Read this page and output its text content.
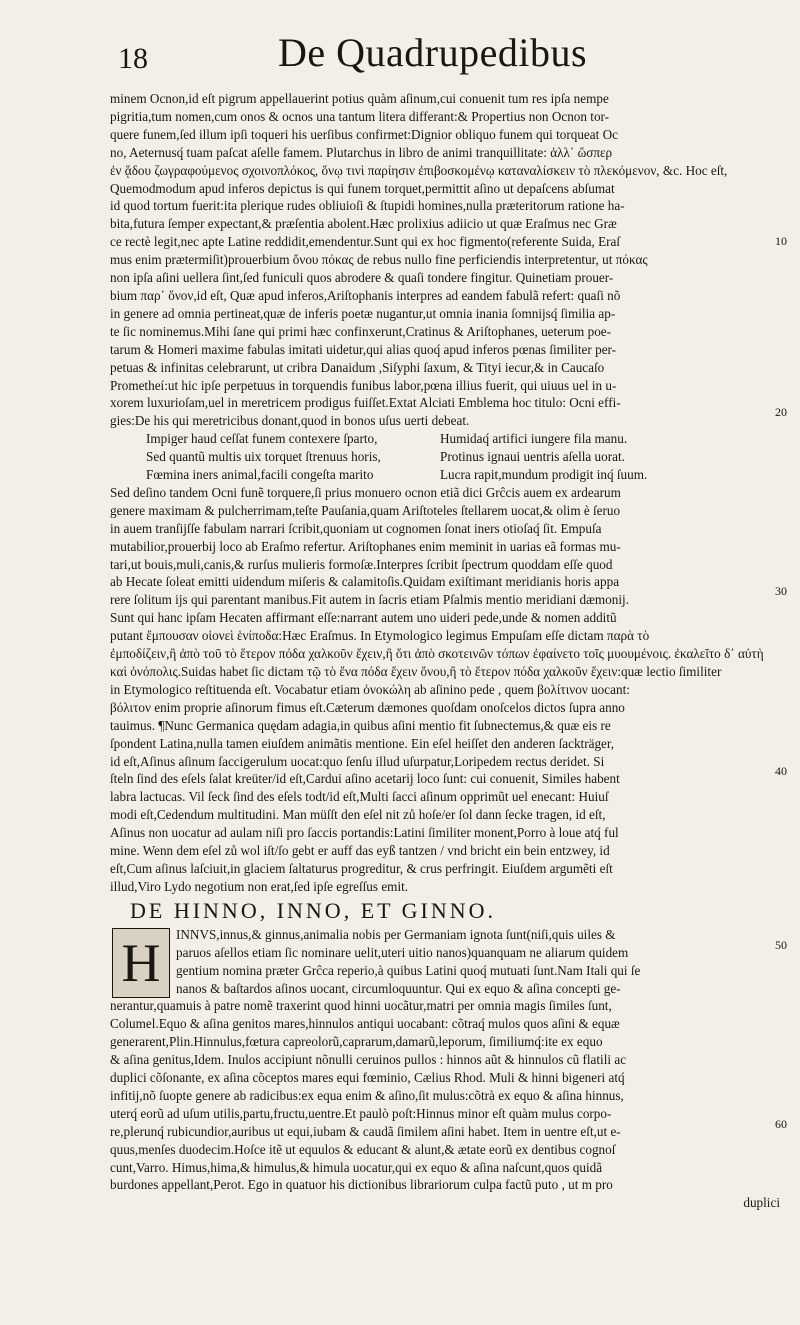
18	De Quadrupedibus
minem Ocnon,id eſt pigrum appellauerint potius quàm aſinum,cui conuenit tum res ipſa nempe
pigritia,tum nomen,cum onos & ocnos una tantum litera differant:& Propertius non Ocnon tor-
quere funem,ſed illum ipſi toqueri his uerſibus confirmet:Dignior obliquo funem qui torqueat Oc
no, Aeternusq́ tuam paſcat aſelle famem. Plutarchus in libro de animi tranquillitate: ἀλλ᾽ ὥσπερ
ἐν ᾅδου ζωγραφούμενος σχοινοπλόκος, ὄνῳ τινὶ παρίησιν ἐπιβοσκομένῳ καταναλίσκειν τὸ πλεκόμενον, &c. Hoc eſt,
Quemodmodum apud inferos depictus is qui funem torquet,permittit aſino ut depaſcens abſumat
id quod tortum fuerit:ita plerique rudes obliuioſi & ſtupidi homines,nulla præteritorum ratione ha-
bita,futura ſemper expectant,& præſentia abolent.Hæc prolixius adiicio ut quæ Eraſmus nec Græ
ce rectè legit,nec apte Latine reddidit,emendentur.Sunt qui ex hoc figmento(referente Suida, Eraſ
mus enim prætermiſit)prouerbium ὄνου πόκας de rebus nullo fine perficiendis interpretentur, ut πόκας
non ipſa aſini uellera ſint,ſed funiculi quos abrodere & quaſi tondere fingitur. Quinetiam prouer-
bium παρ᾽ ὄνον,id eſt, Quæ apud inferos,Ariſtophanis interpres ad eandem fabulã refert: quaſi nõ
in genere ad omnia pertineat,quæ de inferis poetæ nugantur,ut omnia inania ſomnijsq́ ſimilia ap-
te ſic nominemus.Mihi ſane qui primi hæc confinxerunt,Cratinus & Ariſtophanes, ueterum poe-
tarum & Homeri maxime fabulas imitati uidetur,qui alias quoq́ apud inferos pœnas ſimiliter per-
petuas & infinitas celebrarunt, ut cribra Danaidum ,Siſyphi ſaxum, & Tityi iecur,& in Caucaſo
Prometheí:ut hic ipſe perpetuus in torquendis funibus labor,pœna illius fuerit, qui uiuus uel in u-
xorem luxurioſam,uel in meretricem prodigus fuiſſet.Extat Alciati Emblema hoc titulo: Ocni effi-
gies:De his qui meretricibus donant,quod in bonos uſus uerti debeat.
Impiger haud ceſſat funem contexere ſparto,	Humidaq́ artifici iungere fila manu.
Sed quantũ multis uix torquet ſtrenuus horis,	Protinus ignaui uentris aſella uorat.
Fœmina iners animal,facili congeſta marito	Lucra rapit,mundum prodigit inq́ ſuum.
Sed deſino tandem Ocni funẽ torquere,ſi prius monuero ocnon etiã dici Grĉcis auem ex ardearum
genere maximam & pulcherrimam,teſte Pauſania,quam Ariſtoteles ſtellarem uocat,& olim è ſeruo
in auem tranſijſſe fabulam narrari ſcribit,quoniam ut cognomen ſonat iners otioſaq́ ſit. Empuſa
mutabilior,prouerbij loco ab Eraſmo refertur. Ariſtophanes enim meminit in uarias eã formas mu-
tari,ut bouis,muli,canis,& rurſus mulieris formoſæ.Interpres ſcribit ſpectrum quoddam eſſe quod
ab Hecate ſoleat emitti uidendum miſeris & calamitoſis.Quidam exiſtimant meridianis horis appa
rere ſolitum ijs qui parentant manibus.Fit autem in ſacris etiam Pſalmis mentio meridiani dæmonij.
Sunt qui hanc ipſam Hecaten affirmant eſſe:narrant autem uno uideri pede,unde & nomen additũ
putant ἔμπουσαν οἱονεὶ ἑνίποδα:Hæc Eraſmus. In Etymologico legimus Empuſam eſſe dictam παρὰ τὸ
ἐμποδίζειν,ἢ ἀπὸ τοῦ τὸ ἕτερον πόδα χαλκοῦν ἔχειν,ἢ ὅτι ἀπὸ σκοτεινῶν τόπων ἐφαίνετο τοῖς μυουμένοις. ἐκαλεῖτο δ᾽ αὐτὴ
καὶ ὀνόπολις.Suidas habet ſic dictam τῷ τὸ ἕνα πόδα ἔχειν ὄνου,ἢ τὸ ἕτερον πόδα χαλκοῦν ἔχειν:quæ lectio ſimiliter
in Etymologico reſtituenda eſt. Vocabatur etiam ὀνοκώλη ab aſinino pede , quem βολίτινον uocant:
βόλιτον enim proprie aſinorum fimus eſt.Cæterum dæmones quoſdam onoſcelos dictos ſupra anno
tauimus. ¶Nunc Germanica quędam adagia,in quibus aſini mentio fit ſubnectemus,& quæ eis re
ſpondent Latina,nulla tamen eiuſdem animãtis mentione. Ein eſel heiſſet den anderen ſackträger,
id eſt,Aſinus aſinum ſaccigerulum uocat:quo ſenſu illud uſurpatur,Loripedem rectus deridet. Si
ſteln ſind des eſels ſalat kreüter/id eſt,Cardui aſino acetarij loco ſunt: cui conuenit, Similes habent
labra lactucas. Vil ſeck ſind des eſels todt/id eſt,Multi ſacci aſinum opprimũt uel enecant: Huiuſ
modi eſt,Cedendum multitudini. Man müſſt den eſel nit zů hoſe/er ſol dann ſecke tragen, id eſt,
Aſinus non uocatur ad aulam niſi pro ſaccis portandis:Latini ſimiliter monent,Porro à loue atq́ ful
mine. Wenn dem eſel zů wol iſt/ſo gebt er auff das eyß tantzen / vnd bricht ein bein entzwey, id
eſt,Cum aſinus laſciuit,in glaciem ſaltaturus progreditur, & crus perfringit. Eiuſdem argumẽti eſt
illud,Viro Lydo negotium non erat,ſed ipſe egreſſus emit.
DE HINNO, INNO, ET GINNO.
H	INNVS,innus,& ginnus,animalia nobis per Germaniam ignota ſunt(niſi,quis uiles &
paruos aſellos etiam ſic nominare uelit,uteri uitio nanos)quanquam ne aliarum quidem
gentium nomina præter Grĉca reperio,à quibus Latini quoq́ mutuati ſunt.Nam Itali qui ſe
nanos & baſtardos aſinos uocant, circumloquuntur. Qui ex equo & aſina concepti ge-
nerantur,quamuis à patre nomẽ traxerint quod hinni uocãtur,matri per omnia magis ſimiles ſunt,
Columel.Equo & aſina genitos mares,hinnulos antiqui uocabant: cõtraq́ mulos quos aſini & equæ
generarent,Plin.Hinnulus,fœtura capreolorũ,caprarum,damarũ,leporum, ſimiliumq́:ite ex equo
& aſina genitus,Idem. Inulos accipiunt nõnulli ceruinos pullos : hinnos aũt & hinnulos cũ flatili ac
duplici cõſonante, ex aſina cõceptos mares equi fœminio, Cælius Rhod. Muli & hinni bigeneri atq́
infitij,nõ ſuopte genere ab radicibus:ex equa enim & aſino,ſit mulus:cõtrà ex equo & aſina hinnus,
uterq́ eorũ ad uſum utilis,partu,fructu,uentre.Et paulò poſt:Hinnus minor eſt quàm mulus corpo-
re,plerunq́ rubicundior,auribus ut equi,iubam & caudã ſimilem aſini habet. Item in uentre eſt,ut e-
quus,menſes duodecim.Hoſce itẽ ut equulos & educant & alunt,& ætate eorũ ex dentibus cognoſ
cunt,Varro. Himus,hima,& himulus,& himula uocatur,qui ex equo & aſina naſcunt,quos quidã
burdones appellant,Perot. Ego in quatuor his dictionibus librariorum culpa factũ puto , ut m pro
duplici
10
20
30
40
50
60
